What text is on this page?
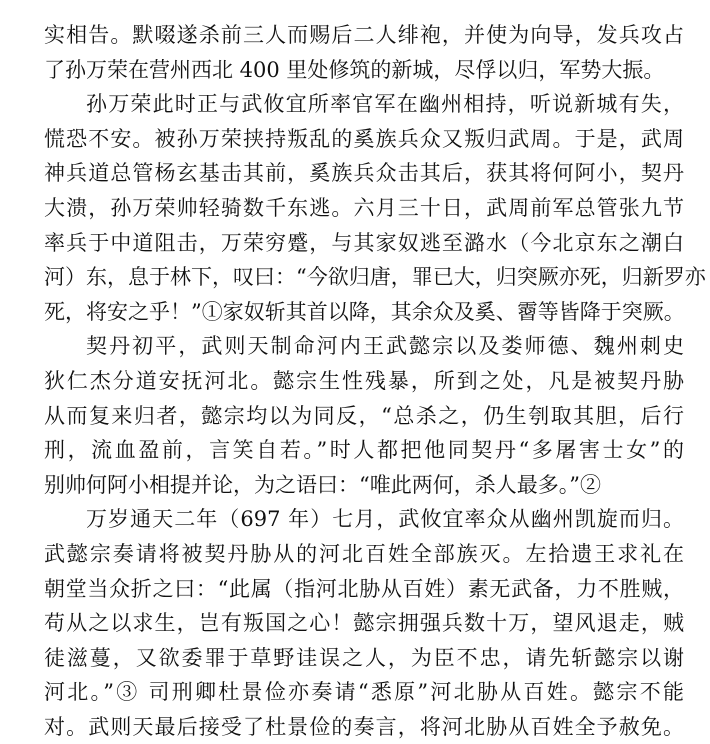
实相告。默啜遂杀前三人而赐后二人绯袍，并使为向导，发兵攻占
了孙万荣在营州西北 400 里处修筑的新城，尽俘以归，军势大振。
孙万荣此时正与武攸宜所率官军在幽州相持，听说新城有失，
慌恐不安。被孙万荣挟持叛乱的奚族兵众又叛归武周。于是，武周
神兵道总管杨玄基击其前，奚族兵众击其后，获其将何阿小，契丹
大溃，孙万荣帅轻骑数千东逃。六月三十日，武周前军总管张九节
率兵于中道阻击，万荣穷蹙，与其家奴逃至潞水（今北京东之潮白
河）东，息于林下，叹曰：“今欲归唐，罪已大，归突厥亦死，归新罗亦
死，将安之乎！”①家奴斩其首以降，其余众及奚、霫等皆降于突厥。
契丹初平，武则天制命河内王武懿宗以及娄师德、魏州刺史
狄仁杰分道安抚河北。懿宗生性残暴，所到之处，凡是被契丹胁
从而复来归者，懿宗均以为同反，“总杀之，仍生刳取其胆，后行
刑，流血盈前，言笑自若。”时人都把他同契丹“多屠害士女”的
别帅何阿小相提并论，为之语曰：“唯此两何，杀人最多。”②
万岁通天二年（697 年）七月，武攸宜率众从幽州凯旋而归。
武懿宗奏请将被契丹胁从的河北百姓全部族灭。左拾遗王求礼在
朝堂当众折之曰：“此属（指河北胁从百姓）素无武备，力不胜贼，
苟从之以求生，岂有叛国之心！懿宗拥强兵数十万，望风退走，贼
徒滋蔓，又欲委罪于草野诖误之人，为臣不忠，请先斩懿宗以谢
河北。”③ 司刑卿杜景俭亦奏请“悉原”河北胁从百姓。懿宗不能
对。武则天最后接受了杜景俭的奏言，将河北胁从百姓全予赦免。
